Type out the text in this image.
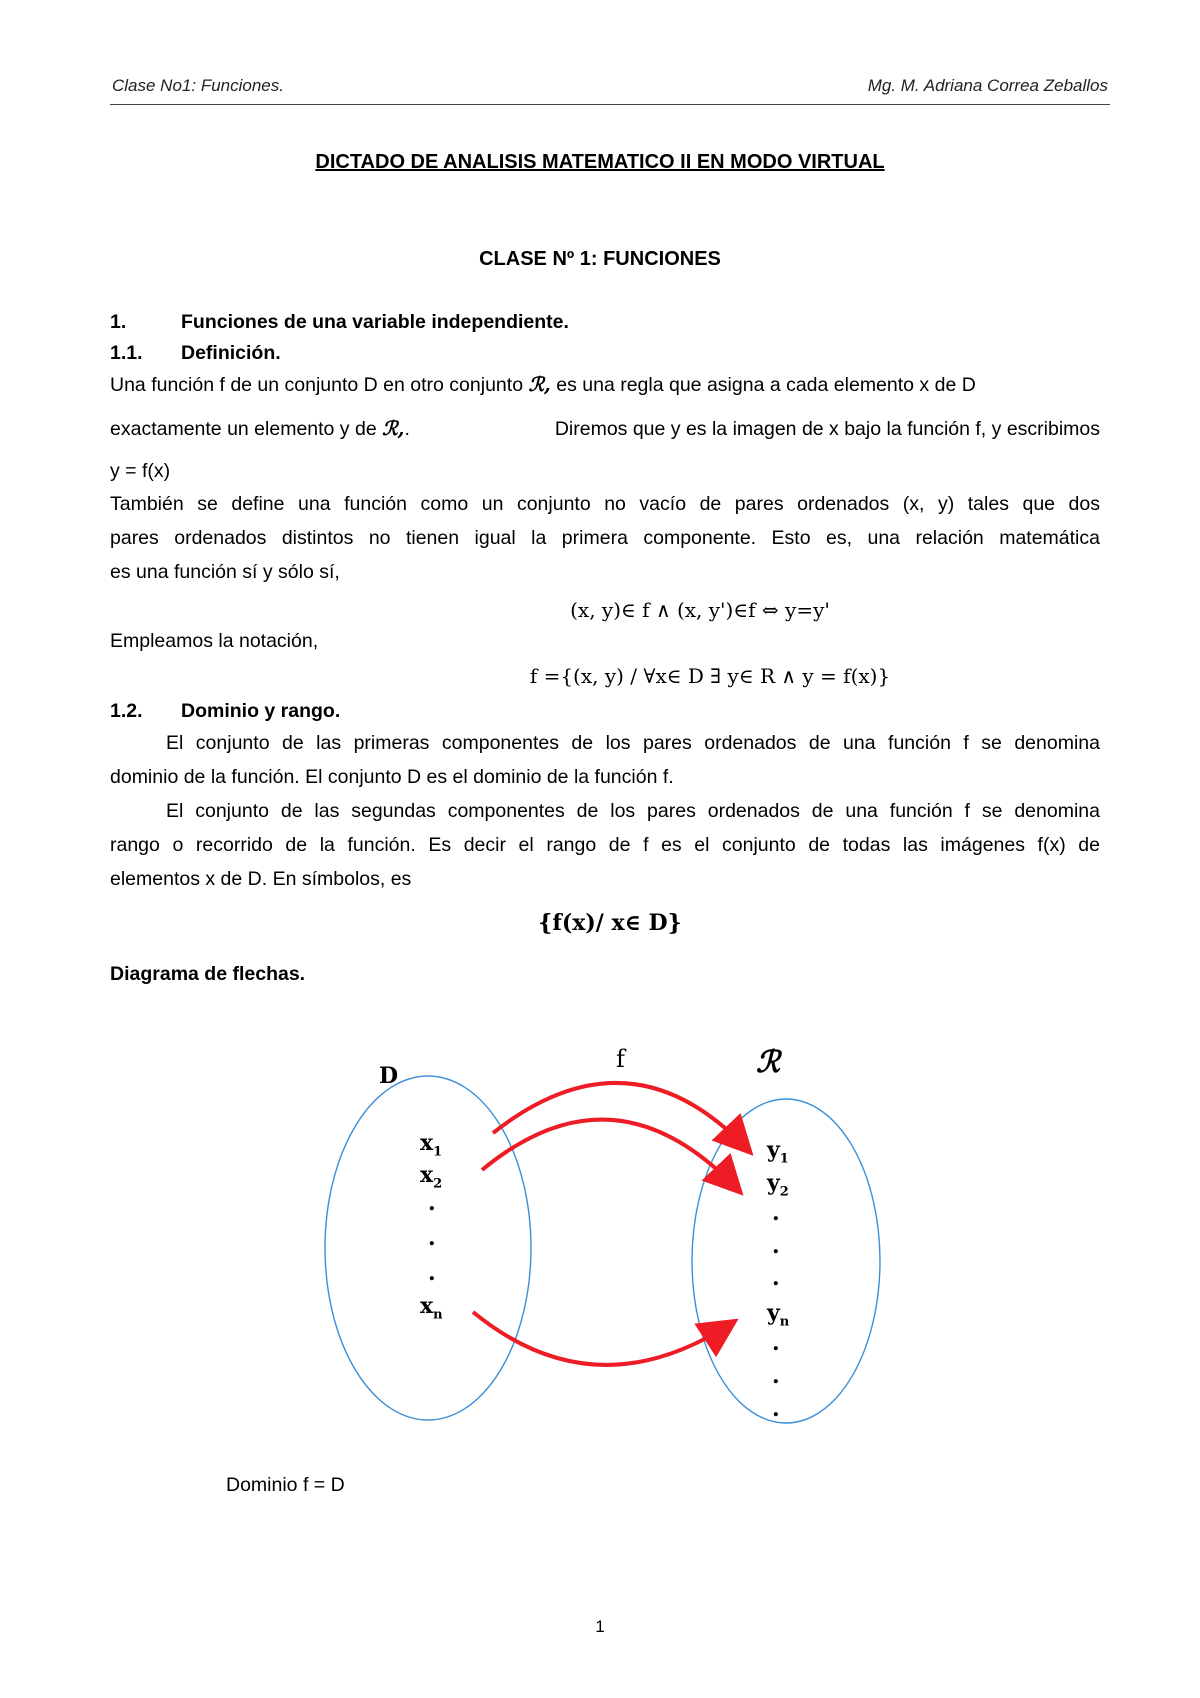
Clase No1: Funciones.	Mg. M. Adriana Correa Zeballos
DICTADO DE ANALISIS MATEMATICO II EN MODO VIRTUAL
CLASE Nº 1: FUNCIONES
1.	Funciones de una variable independiente.
1.1. Definición.
Una función f de un conjunto D en otro conjunto ℛ, es una regla que asigna a cada elemento x de D
exactamente un elemento y de ℛ,.	Diremos que y es la imagen de x bajo la función f, y escribimos
y = f(x)
También se define una función como un conjunto no vacío de pares ordenados (x, y) tales que dos
pares ordenados distintos no tienen igual la primera componente. Esto es, una relación matemática
es una función sí y sólo sí,
(x, y)∈ f ∧ (x, y')∈f ⇔ y=y'
Empleamos la notación,
f ={(x, y) / ∀x∈ D ∃ y∈ R ∧ y = f(x)}
1.2. Dominio y rango.
El conjunto de las primeras componentes de los pares ordenados de una función f se denomina
dominio de la función. El conjunto D es el dominio de la función f.
El conjunto de las segundas componentes de los pares ordenados de una función f se denomina
rango o recorrido de la función. Es decir el rango de f es el conjunto de todas las imágenes f(x) de
elementos x de D. En símbolos, es
{f(x)/ x∈ D}
Diagrama de flechas.
D
f	ℛ
$x_1$
$x_2$
.
.
.
$x_n$
$y_1$
$y_2$
.
.
.
$y_n$
.
.
.
Dominio f = D
1
